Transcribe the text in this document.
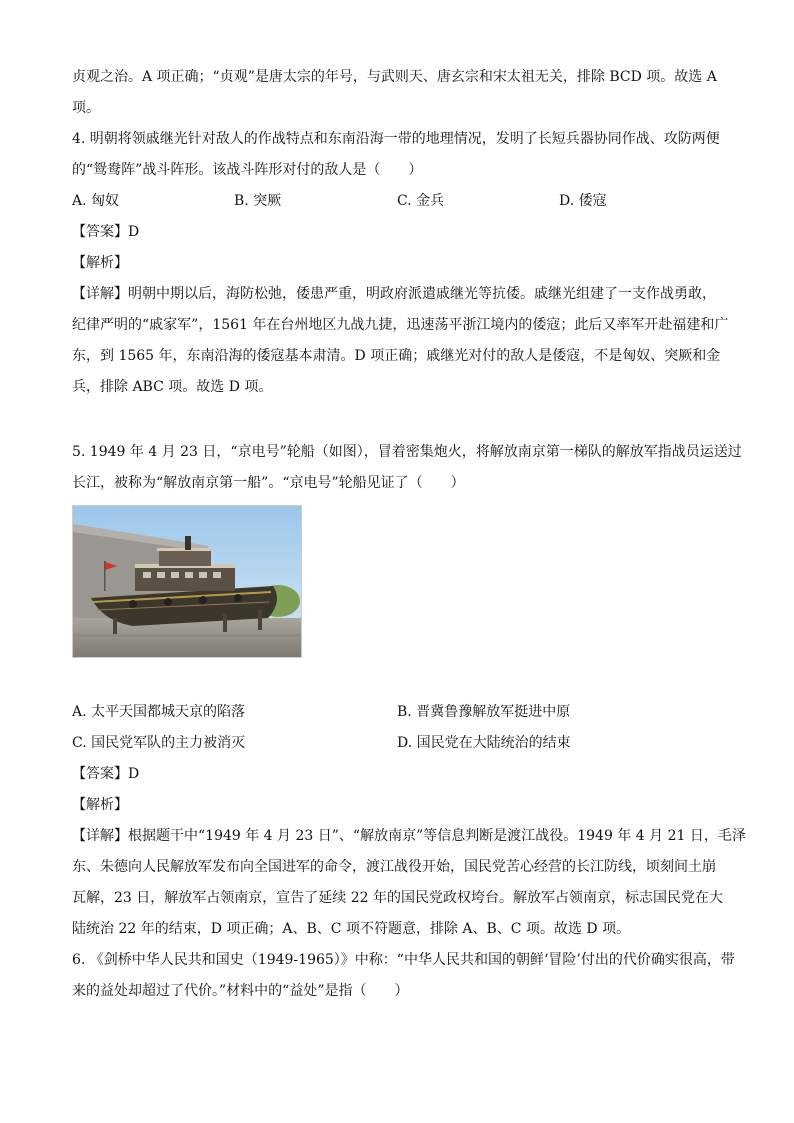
贞观之治。A 项正确；“贞观”是唐太宗的年号，与武则天、唐玄宗和宋太祖无关，排除 BCD 项。故选 A
项。
4. 明朝将领戚继光针对敌人的作战特点和东南沿海一带的地理情况，发明了长短兵器协同作战、攻防两便
的“鸳鸯阵”战斗阵形。该战斗阵形对付的敌人是（　　）
A. 匈奴	B. 突厥	C. 金兵	D. 倭寇
【答案】D
【解析】
【详解】明朝中期以后，海防松弛，倭患严重，明政府派遣戚继光等抗倭。戚继光组建了一支作战勇敢，
纪律严明的“戚家军”，1561 年在台州地区九战九捷，迅速荡平浙江境内的倭寇；此后又率军开赴福建和广
东，到 1565 年，东南沿海的倭寇基本肃清。D 项正确；戚继光对付的敌人是倭寇，不是匈奴、突厥和金
兵，排除 ABC 项。故选 D 项。
5. 1949 年 4 月 23 日，“京电号”轮船（如图），冒着密集炮火，将解放南京第一梯队的解放军指战员运送过
长江，被称为“解放南京第一船”。“京电号”轮船见证了（　　）
A. 太平天国都城天京的陷落	B. 晋冀鲁豫解放军挺进中原
C. 国民党军队的主力被消灭	D. 国民党在大陆统治的结束
【答案】D
【解析】
【详解】根据题干中“1949 年 4 月 23 日”、“解放南京”等信息判断是渡江战役。1949 年 4 月 21 日，毛泽
东、朱德向人民解放军发布向全国进军的命令，渡江战役开始，国民党苦心经营的长江防线，顷刻间土崩
瓦解，23 日，解放军占领南京，宣告了延续 22 年的国民党政权垮台。解放军占领南京，标志国民党在大
陆统治 22 年的结束，D 项正确；A、B、C 项不符题意，排除 A、B、C 项。故选 D 项。
6. 《剑桥中华人民共和国史（1949-1965）》中称：“中华人民共和国的朝鲜‘冒险’付出的代价确实很高，带
来的益处却超过了代价。”材料中的“益处”是指（　　）
